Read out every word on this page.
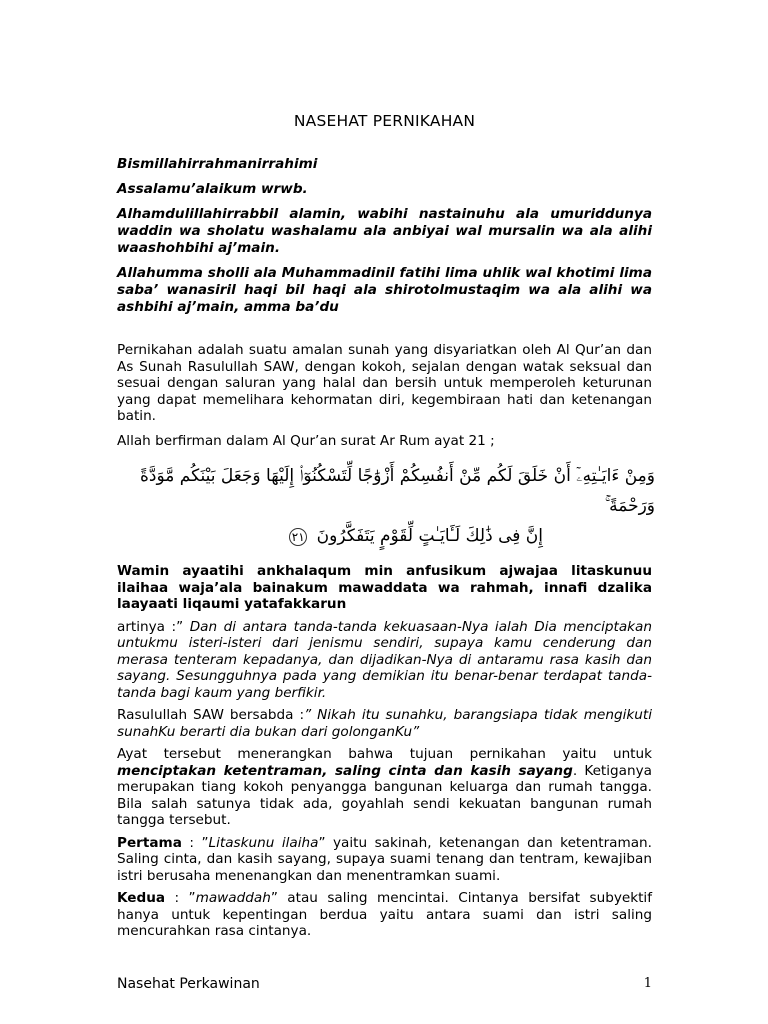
NASEHAT PERNIKAHAN
Bismillahirrahmanirrahimi
Assalamu’alaikum wrwb.
Alhamdulillahirrabbil alamin, wabihi nastainuhu ala umuriddunya waddin wa sholatu washalamu ala anbiyai wal mursalin wa ala alihi waashohbihi aj’main.
Allahumma sholli ala Muhammadinil fatihi lima uhlik wal khotimi lima saba’ wanasiril haqi bil haqi ala shirotolmustaqim wa ala alihi wa ashbihi aj’main, amma ba’du
Pernikahan adalah suatu amalan sunah yang disyariatkan oleh Al Qur’an dan As Sunah Rasulullah SAW, dengan kokoh, sejalan dengan watak seksual dan sesuai dengan saluran yang halal dan bersih untuk memperoleh keturunan yang dapat memelihara kehormatan diri, kegembiraan hati dan ketenangan batin.
Allah berfirman dalam Al Qur’an surat Ar Rum ayat 21 ;
وَمِنْ ءَايَـٰتِهِۦٓ أَنْ خَلَقَ لَكُم مِّنْ أَنفُسِكُمْ أَزْوَٰجًا لِّتَسْكُنُوٓا۟ إِلَيْهَا وَجَعَلَ بَيْنَكُم مَّوَدَّةً وَرَحْمَةً ۚ
إِنَّ فِى ذَٰلِكَ لَـَٔايَـٰتٍ لِّقَوْمٍ يَتَفَكَّرُونَ ٢١
Wamin ayaatihi ankhalaqum min anfusikum ajwajaa litaskunuu ilaihaa waja’ala bainakum mawaddata wa rahmah, innafi dzalika laayaati liqaumi yatafakkarun
artinya :” Dan di antara tanda-tanda kekuasaan-Nya ialah Dia menciptakan untukmu isteri-isteri dari jenismu sendiri, supaya kamu cenderung dan merasa tenteram kepadanya, dan dijadikan-Nya di antaramu rasa kasih dan sayang. Sesungguhnya pada yang demikian itu benar-benar terdapat tanda-tanda bagi kaum yang berfikir.
Rasulullah SAW bersabda :” Nikah itu sunahku, barangsiapa tidak mengikuti sunahKu berarti dia bukan dari golonganKu”
Ayat tersebut menerangkan bahwa tujuan pernikahan yaitu untuk menciptakan ketentraman, saling cinta dan kasih sayang. Ketiganya merupakan tiang kokoh penyangga bangunan keluarga dan rumah tangga. Bila salah satunya tidak ada, goyahlah sendi kekuatan bangunan rumah tangga tersebut.
Pertama : ”Litaskunu ilaiha” yaitu sakinah, ketenangan dan ketentraman. Saling cinta, dan kasih sayang, supaya suami tenang dan tentram, kewajiban istri berusaha menenangkan dan menentramkan suami.
Kedua : ”mawaddah” atau saling mencintai. Cintanya bersifat subyektif hanya untuk kepentingan berdua yaitu antara suami dan istri saling mencurahkan rasa cintanya.
Nasehat Perkawinan	1
